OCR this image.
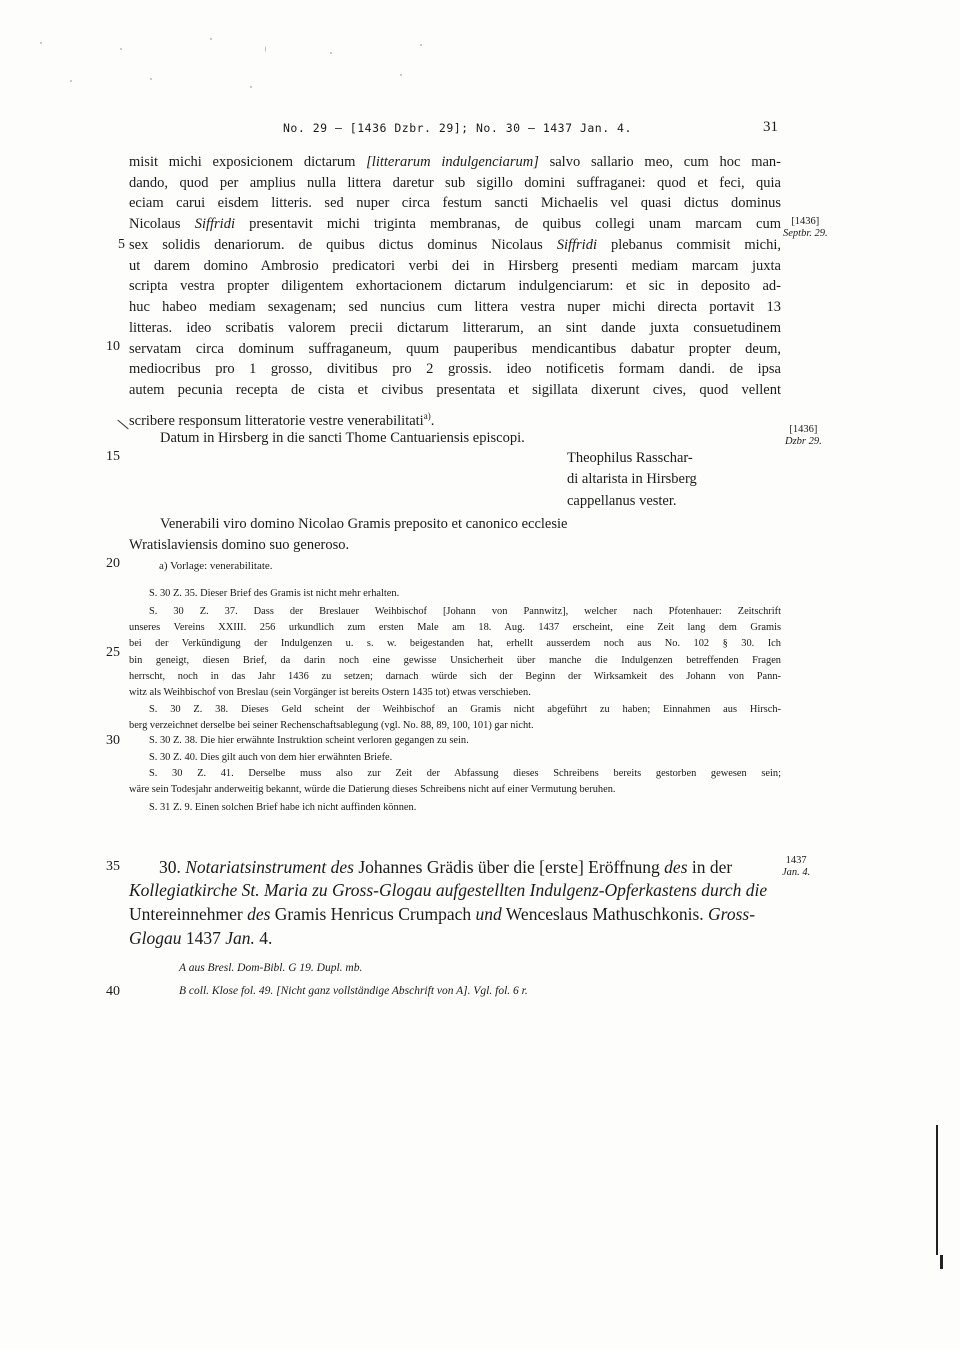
No. 29 — [1436 Dzbr. 29]; No. 30 — 1437 Jan. 4.	31
misit michi exposicionem dictarum [litterarum indulgenciarum] salvo sallario meo, cum hoc man-
dando, quod per amplius nulla littera daretur sub sigillo domini suffraganei: quod et feci, quia
eciam carui eisdem litteris. sed nuper circa festum sancti Michaelis vel quasi dictus dominus
Nicolaus Siffridi presentavit michi triginta membranas, de quibus collegi unam marcam cum
sex solidis denariorum. de quibus dictus dominus Nicolaus Siffridi plebanus commisit michi,
ut darem domino Ambrosio predicatori verbi dei in Hirsberg presenti mediam marcam juxta
scripta vestra propter diligentem exhortacionem dictarum indulgenciarum: et sic in deposito ad-
huc habeo mediam sexagenam; sed nuncius cum littera vestra nuper michi directa portavit 13
litteras. ideo scribatis valorem precii dictarum litterarum, an sint dande juxta consuetudinem
servatam circa dominum suffraganeum, quum pauperibus mendicantibus dabatur propter deum,
mediocribus pro 1 grosso, divitibus pro 2 grossis. ideo notificetis formam dandi. de ipsa
autem pecunia recepta de cista et civibus presentata et sigillata dixerunt cives, quod vellent
scribere responsum litteratorie vestre venerabilitati$^{a)}$.
Datum in Hirsberg in die sancti Thome Cantuariensis episcopi.
Theophilus Rasschar-
di altarista in Hirsberg
cappellanus vester.
Venerabili viro domino Nicolao Gramis preposito et canonico ecclesie
Wratislaviensis domino suo generoso.
a) Vorlage: venerabilitate.
5
10
15
20
25
30
35
40
[1436]
Septbr. 29.
[1436]
Dzbr 29.
1437
Jan. 4.
S. 30 Z. 35. Dieser Brief des Gramis ist nicht mehr erhalten.
S. 30 Z. 37. Dass der Breslauer Weihbischof [Johann von Pannwitz], welcher nach Pfotenhauer: Zeitschrift
unseres Vereins XXIII. 256 urkundlich zum ersten Male am 18. Aug. 1437 erscheint, eine Zeit lang dem Gramis
bei der Verkündigung der Indulgenzen u. s. w. beigestanden hat, erhellt ausserdem noch aus No. 102 § 30. Ich
bin geneigt, diesen Brief, da darin noch eine gewisse Unsicherheit über manche die Indulgenzen betreffenden Fragen
herrscht, noch in das Jahr 1436 zu setzen; darnach würde sich der Beginn der Wirksamkeit des Johann von Pann-
witz als Weihbischof von Breslau (sein Vorgänger ist bereits Ostern 1435 tot) etwas verschieben.
S. 30 Z. 38. Dieses Geld scheint der Weihbischof an Gramis nicht abgeführt zu haben; Einnahmen aus Hirsch-
berg verzeichnet derselbe bei seiner Rechenschaftsablegung (vgl. No. 88, 89, 100, 101) gar nicht.
S. 30 Z. 38. Die hier erwähnte Instruktion scheint verloren gegangen zu sein.
S. 30 Z. 40. Dies gilt auch von dem hier erwähnten Briefe.
S. 30 Z. 41. Derselbe muss also zur Zeit der Abfassung dieses Schreibens bereits gestorben gewesen sein;
wäre sein Todesjahr anderweitig bekannt, würde die Datierung dieses Schreibens nicht auf einer Vermutung beruhen.
S. 31 Z. 9. Einen solchen Brief habe ich nicht auffinden können.
30. Notariatsinstrument des Johannes Grädis über die [erste] Eröffnung des in der
Kollegiatkirche St. Maria zu Gross-Glogau aufgestellten Indulgenz-Opferkastens durch die
Untereinnehmer des Gramis Henricus Crumpach und Wenceslaus Mathuschkonis. Gross-
Glogau 1437 Jan. 4.
A aus Bresl. Dom-Bibl. G 19. Dupl. mb.
B coll. Klose fol. 49. [Nicht ganz vollständige Abschrift von A]. Vgl. fol. 6 r.
